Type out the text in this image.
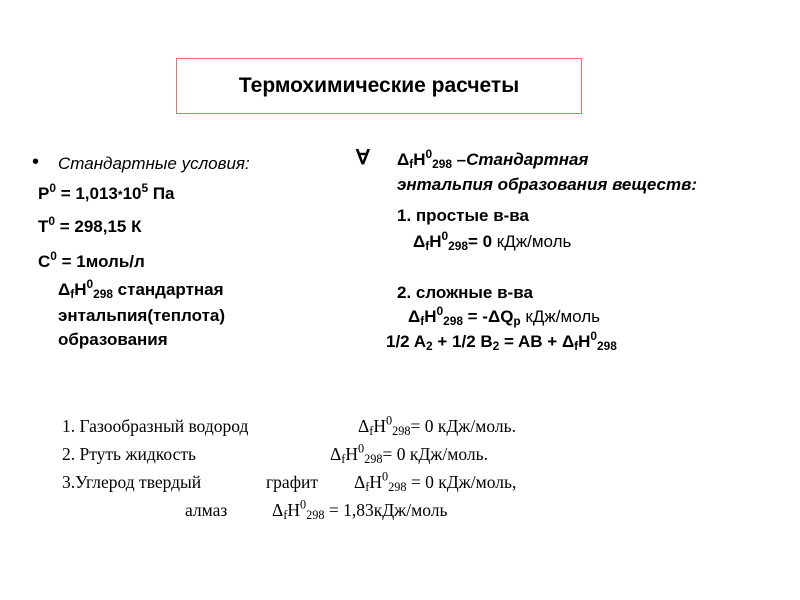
Термохимические расчеты
• Стандартные условия:
$Р^0 = 1,013*10^5$ Па
$Т^0 = 298,15$ К
$С^0$ = 1моль/л
$\Delta_fH^0_{298}$ стандартная
энтальпия(теплота)
образования
∀ $\Delta_fH^0_{298}$ –Стандартная
энтальпия образования веществ:
1. простые в-ва
$\Delta_fH^0_{298}= 0$ кДж/моль
2. сложные в-ва
$\Delta_fH^0_{298} = -\Delta Q_p$ кДж/моль
1/2 $A_2 + 1/2$ $B_2$ = AB + $\Delta_fH^0_{298}$
1. Газообразный водород	$\Delta_fH^0_{298}= 0$ кДж/моль.
2. Ртуть жидкость	$\Delta_fH^0_{298}= 0$ кДж/моль.
3.Углерод твердый	графит $\Delta_fH^0_{298} = 0$ кДж/моль,
алмаз	$\Delta_fH^0_{298}$ = 1,83кДж/моль
